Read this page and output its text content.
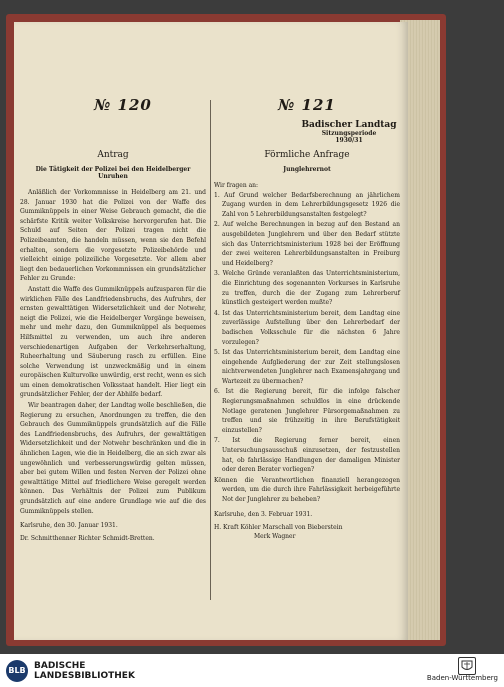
№ 120	№ 121
Badischer Landtag
Sitzungsperiode
1930/31

Antrag

Die Tätigkeit der Polizei bei den Heidelberger Unruhen

Anläßlich der Vorkommnisse in Heidelberg am 21. und 28. Januar 1930 hat die Polizei von der Waffe des Gummiknüppels in einer Weise Gebrauch gemacht, die die schärfste Kritik weiter Volkskreise hervorgerufen hat. Die Schuld auf Seiten der Polizei tragen nicht die Polizeibeamten, die handeln müssen, wenn sie den Befehl erhalten, sondern die vorgesetzte Polizeibehörde und vielleicht einige polizeiliche Vorgesetzte. Vor allem aber liegt den bedauerlichen Vorkommnissen ein grundsätzlicher Fehler zu Grunde:

Anstatt die Waffe des Gummiknüppels aufzusparen für die wirklichen Fälle des Landfriedensbruchs, des Aufruhrs, der ernsten gewalttätigen Widersetzlichkeit und der Notwehr, neigt die Polizei, wie die Heidelberger Vorgänge beweisen, mehr und mehr dazu, den Gummiknüppel als bequemes Hilfsmittel zu verwenden, um auch ihre anderen verschiedenartigen Aufgaben der Verkehrserhaltung, Ruheerhaltung und Säuberung rasch zu erfüllen. Eine solche Verwendung ist unzweckmäßig und in einem europäischen Kulturvolke unwürdig, erst recht, wenn es sich um einen demokratischen Volksstaat handelt. Hier liegt ein grundsätzlicher Fehler, der der Abhilfe bedarf.

Wir beantragen daher, der Landtag wolle beschließen, die Regierung zu ersuchen, Anordnungen zu treffen, die den Gebrauch des Gummiknüppels grundsätzlich auf die Fälle des Landfriedensbruchs, des Aufruhrs, der gewalttätigen Widersetzlichkeit und der Notwehr beschränken und die in ähnlichen Lagen, wie die in Heidelberg, die an sich zwar als ungewöhnlich und verbesserungswürdig gelten müssen, aber bei gutem Willen und festen Nerven der Polizei ohne gewalttätige Mittel auf friedlichere Weise geregelt werden können. Das Verhältnis der Polizei zum Publikum grundsätzlich auf eine andere Grundlage wie auf die des Gummiknüppels stellen.

Karlsruhe, den 30. Januar 1931.
Dr. Schmitthenner Richter Schmidt-Bretten.

Förmliche Anfrage

Junglehrernot

Wir fragen an:
1. Auf Grund welcher Bedarfsberechnung an jährlichem Zugang wurden in dem Lehrerbildungsgesetz 1926 die Zahl von 5 Lehrerbildungsanstalten festgelegt?
2. Auf welche Berechnungen in bezug auf den Bestand an ausgebildeten Junglehrern und über den Bedarf stützte sich das Unterrichtsministerium 1928 bei der Eröffnung der zwei weiteren Lehrerbildungsanstalten in Freiburg und Heidelberg?
3. Welche Gründe veranlaßten das Unterrichtsministerium, die Einrichtung des sogenannten Vorkurses in Karlsruhe zu treffen, durch die der Zugang zum Lehrerberuf künstlich gesteigert werden mußte?
4. Ist das Unterrichtsministerium bereit, dem Landtag eine zuverlässige Aufstellung über den Lehrerbedarf der badischen Volksschule für die nächsten 6 Jahre vorzulegen?
5. Ist das Unterrichtsministerium bereit, dem Landtag eine eingehende Aufgliederung der zur Zeit stellungslosen nichtverwendeten Junglehrer nach Examensjahrgang und Wartezeit zu übermachen?
6. Ist die Regierung bereit, für die infolge falscher Regierungsmaßnahmen schuldlos in eine drückende Notlage geratenen Junglehrer Fürsorgemaßnahmen zu treffen und sie frühzeitig in ihre Berufstätigkeit einzustellen?
7. Ist die Regierung ferner bereit, einen Untersuchungsausschuß einzusetzen, der festzustellen hat, ob fahrlässige Handlungen der damaligen Minister oder deren Berater vorliegen?
Können die Verantwortlichen finanziell herangezogen werden, um die durch ihre Fahrlässigkeit herbeigeführte Not der Junglehrer zu beheben?
Karlsruhe, den 3. Februar 1931.
H. Kraft Köhler Marschall von Bieberstein
Merk Wagner
BLB BADISCHE
LANDESBIBLIOTHEK	Baden-Württemberg
